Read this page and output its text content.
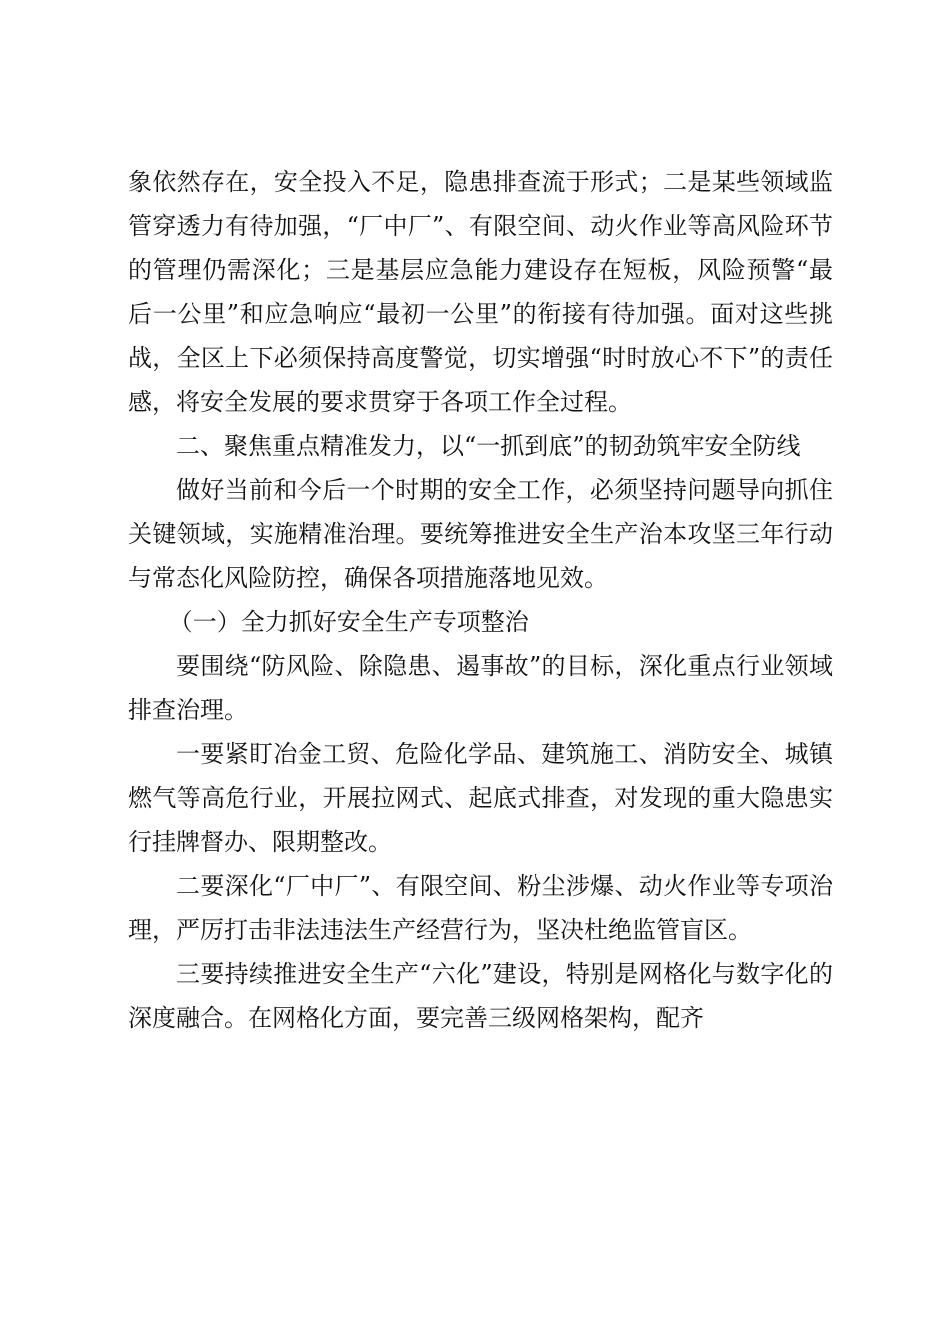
象依然存在，安全投入不足，隐患排查流于形式；二是某些领域监管穿透力有待加强，“厂中厂”、有限空间、动火作业等高风险环节的管理仍需深化；三是基层应急能力建设存在短板，风险预警“最后一公里”和应急响应“最初一公里”的衔接有待加强。面对这些挑战，全区上下必须保持高度警觉，切实增强“时时放心不下”的责任感，将安全发展的要求贯穿于各项工作全过程。

二、聚焦重点精准发力，以“一抓到底”的韧劲筑牢安全防线

做好当前和今后一个时期的安全工作，必须坚持问题导向抓住关键领域，实施精准治理。要统筹推进安全生产治本攻坚三年行动与常态化风险防控，确保各项措施落地见效。

（一）全力抓好安全生产专项整治

要围绕“防风险、除隐患、遏事故”的目标，深化重点行业领域排查治理。

一要紧盯冶金工贸、危险化学品、建筑施工、消防安全、城镇燃气等高危行业，开展拉网式、起底式排查，对发现的重大隐患实行挂牌督办、限期整改。

二要深化“厂中厂”、有限空间、粉尘涉爆、动火作业等专项治理，严厉打击非法违法生产经营行为，坚决杜绝监管盲区。

三要持续推进安全生产“六化”建设，特别是网格化与数字化的深度融合。在网格化方面，要完善三级网格架构，配齐
